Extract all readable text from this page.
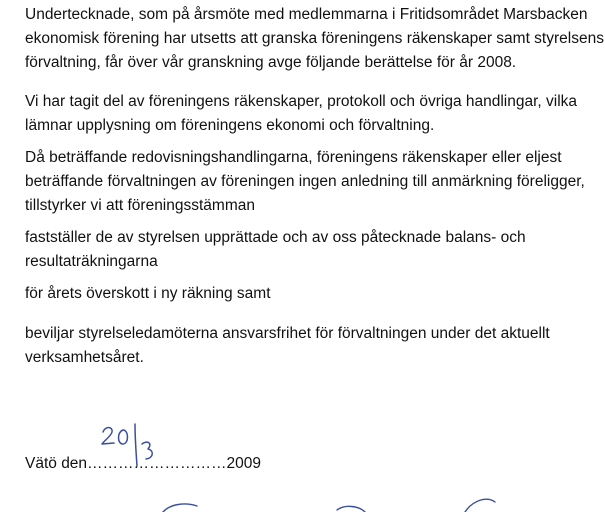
Undertecknade, som på årsmöte med medlemmarna i Fritidsområdet Marsbacken
ekonomisk förening har utsetts att granska föreningens räkenskaper samt styrelsens
förvaltning, får över vår granskning avge följande berättelse för år 2008.

Vi har tagit del av föreningens räkenskaper, protokoll och övriga handlingar, vilka
lämnar upplysning om föreningens ekonomi och förvaltning.

Då beträffande redovisningshandlingarna, föreningens räkenskaper eller eljest
beträffande förvaltningen av föreningen ingen anledning till anmärkning föreligger,
tillstyrker vi att föreningsstämman

fastställer de av styrelsen upprättade och av oss påtecknade balans- och
resultaträkningarna

för årets överskott i ny räkning samt

beviljar styrelseledamöterna ansvarsfrihet för förvaltningen under det aktuellt
verksamhetsåret.

Vätö den………………………2009
